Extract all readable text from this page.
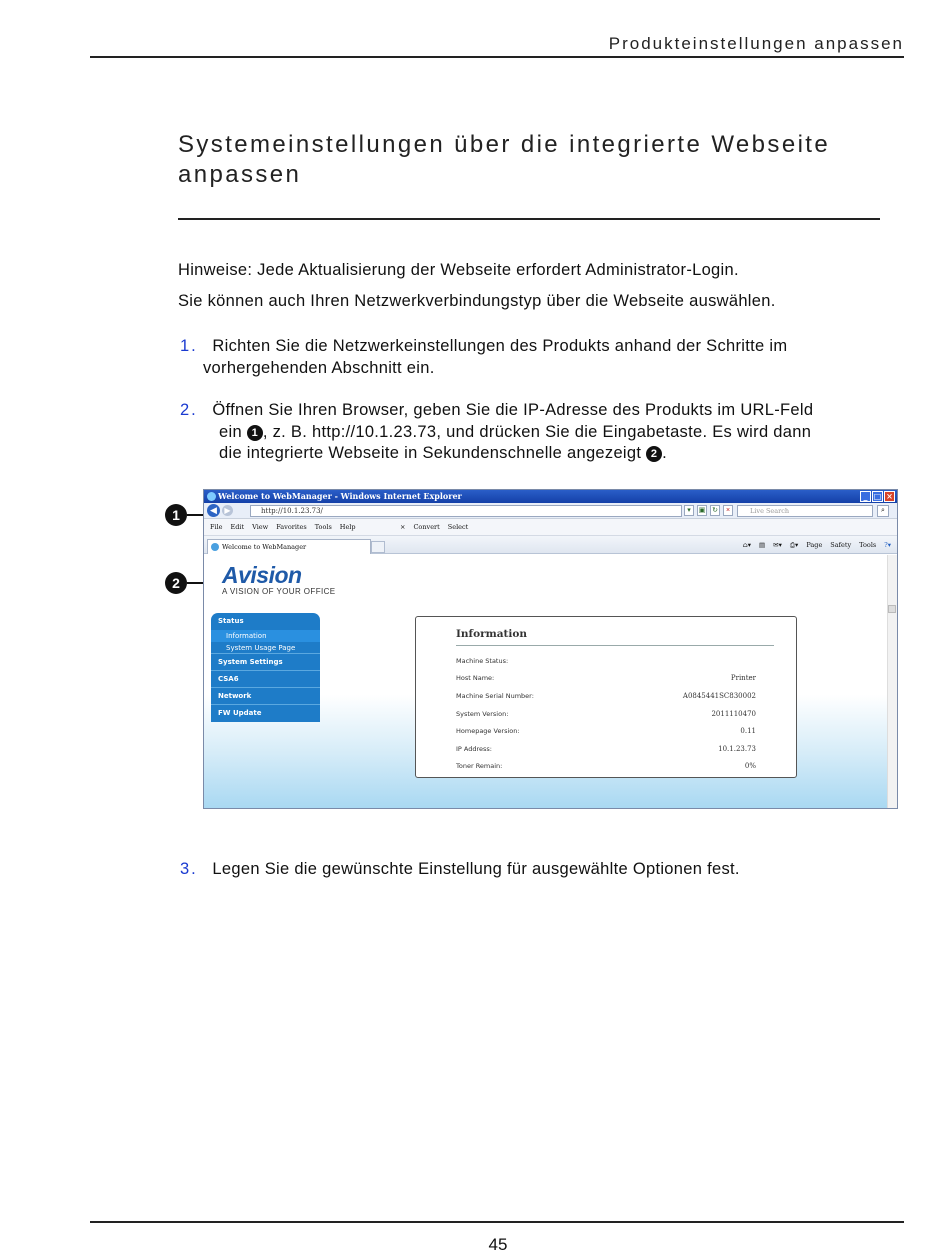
Produkteinstellungen anpassen
Systemeinstellungen über die integrierte Webseite anpassen
Hinweise: Jede Aktualisierung der Webseite erfordert Administrator-Login.
Sie können auch Ihren Netzwerkverbindungstyp über die Webseite auswählen.
1. Richten Sie die Netzwerkeinstellungen des Produkts anhand der Schritte im
vorhergehenden Abschnitt ein.
2. Öffnen Sie Ihren Browser, geben Sie die IP-Adresse des Produkts im URL-Feld
ein 1 , z. B. http://10.1.23.73, und drücken Sie die Eingabetaste. Es wird dann
die integrierte Webseite in Sekundenschnelle angezeigt 2 .
1
2
Welcome to WebManager - Windows Internet Explorer	_ □ ×
◀ ▶	http://10.1.23.73/	▾	▣ ↻	×	Live Search	⌕
File Edit View Favorites Tools Help	× Convert Select
Welcome to WebManager	⌂▾ ▤ ✉▾ ⎙▾ Page Safety Tools ?▾
Avision
A VISION OF YOUR OFFICE
Status
Information
System Usage Page
System Settings
CSA6
Network
FW Update
Information
Machine Status:
Host Name:	Printer
Machine Serial Number:	A0845441SC830002
System Version:	2011110470
Homepage Version:	0.11
IP Address:	10.1.23.73
Toner Remain:	0%
3. Legen Sie die gewünschte Einstellung für ausgewählte Optionen fest.
45
